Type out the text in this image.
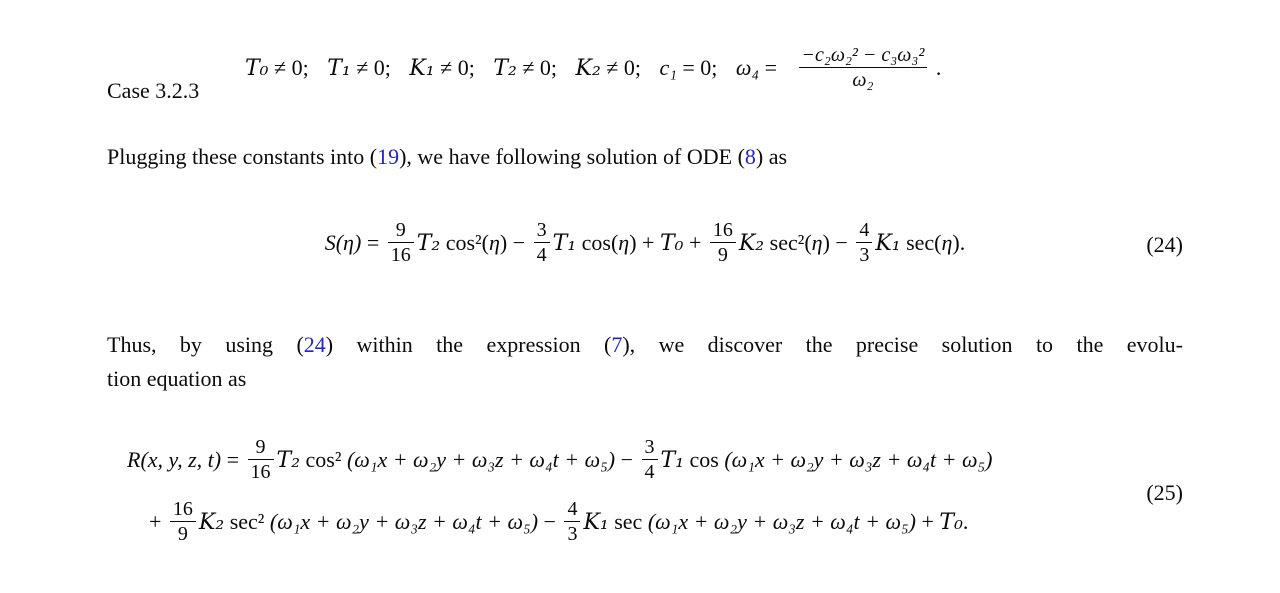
Case 3.2.3
T₀ ≠ 0; T₁ ≠ 0; K₁ ≠ 0; T₂ ≠ 0; K₂ ≠ 0; c₁ = 0; $\omega_4 = \frac{\text{−c₂ω₂² − c₃ω₃²}}{\text{ω₂}}$ .
Plugging these constants into (19), we have following solution of ODE (8) as
$S(\eta) = \frac{9}{16} T_2$ $\cos^2(\eta) - \frac{3}{4} T_1$ $\cos(\eta) + T_0 + \frac{16}{9} K_2$ $\sec^2(\eta) - \frac{4}{3} K_1$ sec(η).	(24)
Thus, by using (24) within the expression (7), we discover the precise solution to the evolu-
tion equation as
R(x, y, z, $t) = \frac{9}{16} T_2$ cos² $(\omega_1x + \omega_2y + \omega_3z + \omega_4t + \omega_5) - \frac{3}{4} T_1$ cos (ω₁x + ω₂y + ω₃z + ω₄t + ω₅)
+ $\frac{16}{9} K_2$ sec² $(\omega_1x + \omega_2y + \omega_3z + \omega_4t + \omega_5) - \frac{4}{3} K_1$ sec (ω₁x + ω₂y + ω₃z + ω₄t + ω₅) + T₀.
(25)
